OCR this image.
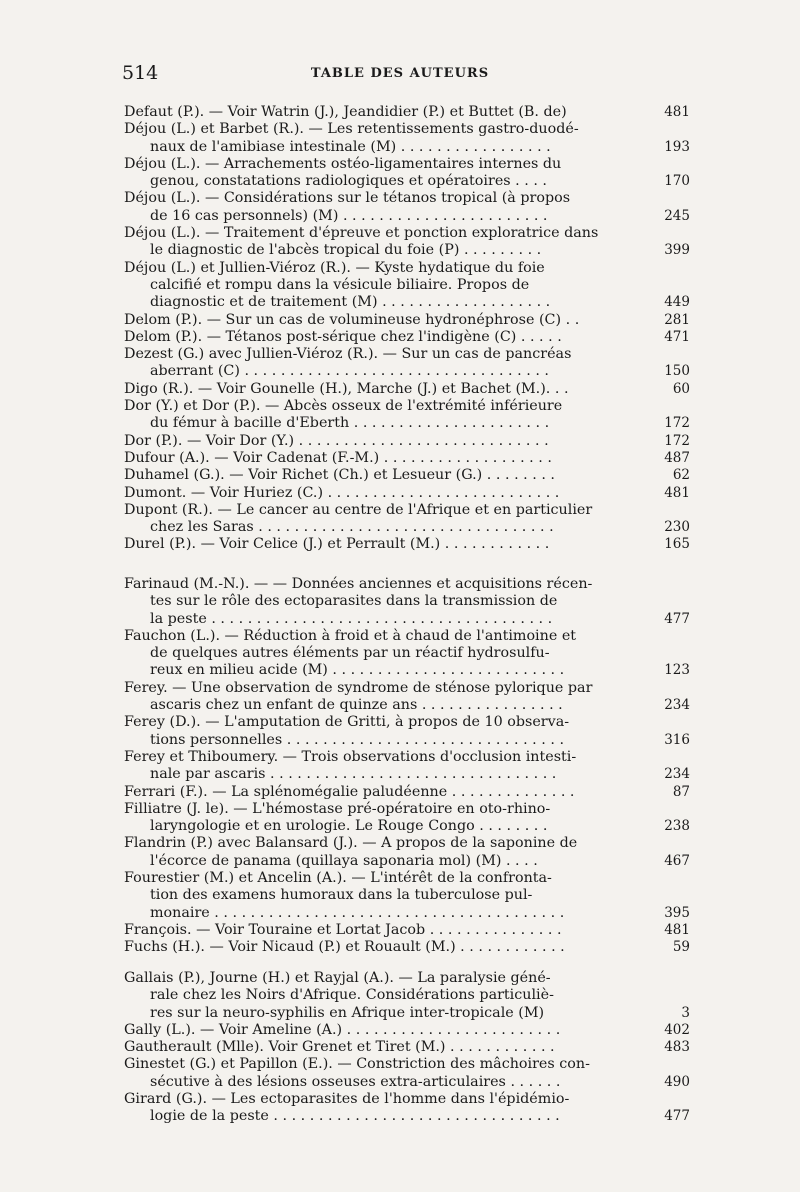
514	TABLE DES AUTEURS
Defaut (P.). — Voir Watrin (J.), Jeandidier (P.) et Buttet (B. de)	481
Déjou (L.) et Barbet (R.). — Les retentissements gastro-duodé-
naux de l'amibiase intestinale (M) . . . . . . . . . . . . . . . . .	193
Déjou (L.). — Arrachements ostéo-ligamentaires internes du
genou, constatations radiologiques et opératoires . . . .	170
Déjou (L.). — Considérations sur le tétanos tropical (à propos
de 16 cas personnels) (M) . . . . . . . . . . . . . . . . . . . . . . .	245
Déjou (L.). — Traitement d'épreuve et ponction exploratrice dans
le diagnostic de l'abcès tropical du foie (P) . . . . . . . . .	399
Déjou (L.) et Jullien-Viéroz (R.). — Kyste hydatique du foie
calcifié et rompu dans la vésicule biliaire. Propos de
diagnostic et de traitement (M) . . . . . . . . . . . . . . . . . . .	449
Delom (P.). — Sur un cas de volumineuse hydronéphrose (C) . .	281
Delom (P.). — Tétanos post-sérique chez l'indigène (C) . . . . .	471
Dezest (G.) avec Jullien-Viéroz (R.). — Sur un cas de pancréas
aberrant (C) . . . . . . . . . . . . . . . . . . . . . . . . . . . . . . . . . .	150
Digo (R.). — Voir Gounelle (H.), Marche (J.) et Bachet (M.). . .	60
Dor (Y.) et Dor (P.). — Abcès osseux de l'extrémité inférieure
du fémur à bacille d'Eberth . . . . . . . . . . . . . . . . . . . . . .	172
Dor (P.). — Voir Dor (Y.) . . . . . . . . . . . . . . . . . . . . . . . . . . . .	172
Dufour (A.). — Voir Cadenat (F.-M.) . . . . . . . . . . . . . . . . . . .	487
Duhamel (G.). — Voir Richet (Ch.) et Lesueur (G.) . . . . . . . .	62
Dumont. — Voir Huriez (C.) . . . . . . . . . . . . . . . . . . . . . . . . . .	481
Dupont (R.). — Le cancer au centre de l'Afrique et en particulier
chez les Saras . . . . . . . . . . . . . . . . . . . . . . . . . . . . . . . . .	230
Durel (P.). — Voir Celice (J.) et Perrault (M.) . . . . . . . . . . . .	165
Farinaud (M.-N.). — — Données anciennes et acquisitions récen-
tes sur le rôle des ectoparasites dans la transmission de
la peste . . . . . . . . . . . . . . . . . . . . . . . . . . . . . . . . . . . . . .	477
Fauchon (L.). — Réduction à froid et à chaud de l'antimoine et
de quelques autres éléments par un réactif hydrosulfu-
reux en milieu acide (M) . . . . . . . . . . . . . . . . . . . . . . . . . .	123
Ferey. — Une observation de syndrome de sténose pylorique par
ascaris chez un enfant de quinze ans . . . . . . . . . . . . . . . .	234
Ferey (D.). — L'amputation de Gritti, à propos de 10 observa-
tions personnelles . . . . . . . . . . . . . . . . . . . . . . . . . . . . . . .	316
Ferey et Thiboumery. — Trois observations d'occlusion intesti-
nale par ascaris . . . . . . . . . . . . . . . . . . . . . . . . . . . . . . . .	234
Ferrari (F.). — La splénomégalie paludéenne . . . . . . . . . . . . . .	87
Filliatre (J. le). — L'hémostase pré-opératoire en oto-rhino-
laryngologie et en urologie. Le Rouge Congo . . . . . . . .	238
Flandrin (P.) avec Balansard (J.). — A propos de la saponine de
l'écorce de panama (quillaya saponaria mol) (M) . . . .	467
Fourestier (M.) et Ancelin (A.). — L'intérêt de la confronta-
tion des examens humoraux dans la tuberculose pul-
monaire . . . . . . . . . . . . . . . . . . . . . . . . . . . . . . . . . . . . . . .	395
François. — Voir Touraine et Lortat Jacob . . . . . . . . . . . . . . .	481
Fuchs (H.). — Voir Nicaud (P.) et Rouault (M.) . . . . . . . . . . . .	59
Gallais (P.), Journe (H.) et Rayjal (A.). — La paralysie géné-
rale chez les Noirs d'Afrique. Considérations particuliè-
res sur la neuro-syphilis en Afrique inter-tropicale (M)	3
Gally (L.). — Voir Ameline (A.) . . . . . . . . . . . . . . . . . . . . . . . .	402
Gautherault (Mlle). Voir Grenet et Tiret (M.) . . . . . . . . . . . .	483
Ginestet (G.) et Papillon (E.). — Constriction des mâchoires con-
sécutive à des lésions osseuses extra-articulaires . . . . . .	490
Girard (G.). — Les ectoparasites de l'homme dans l'épidémio-
logie de la peste . . . . . . . . . . . . . . . . . . . . . . . . . . . . . . . .	477
